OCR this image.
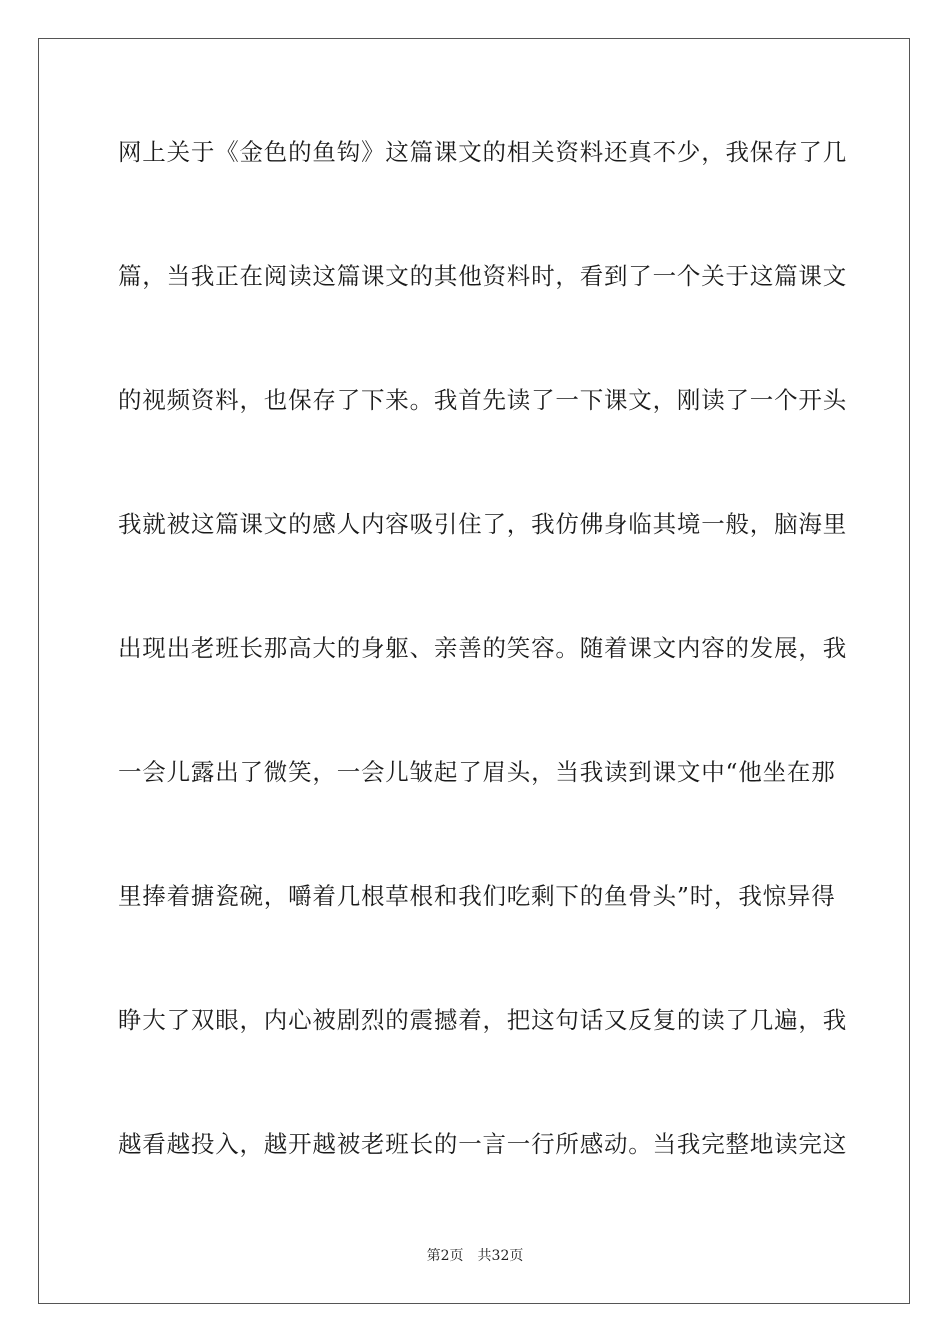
网上关于《金色的鱼钩》这篇课文的相关资料还真不少，我保存了几
篇，当我正在阅读这篇课文的其他资料时，看到了一个关于这篇课文
的视频资料，也保存了下来。我首先读了一下课文，刚读了一个开头
我就被这篇课文的感人内容吸引住了，我仿佛身临其境一般，脑海里
出现出老班长那高大的身躯、亲善的笑容。随着课文内容的发展，我
一会儿露出了微笑，一会儿皱起了眉头，当我读到课文中“他坐在那
里捧着搪瓷碗，嚼着几根草根和我们吃剩下的鱼骨头”时，我惊异得
睁大了双眼，内心被剧烈的震撼着，把这句话又反复的读了几遍，我
越看越投入，越开越被老班长的一言一行所感动。当我完整地读完这
第2页 共32页
